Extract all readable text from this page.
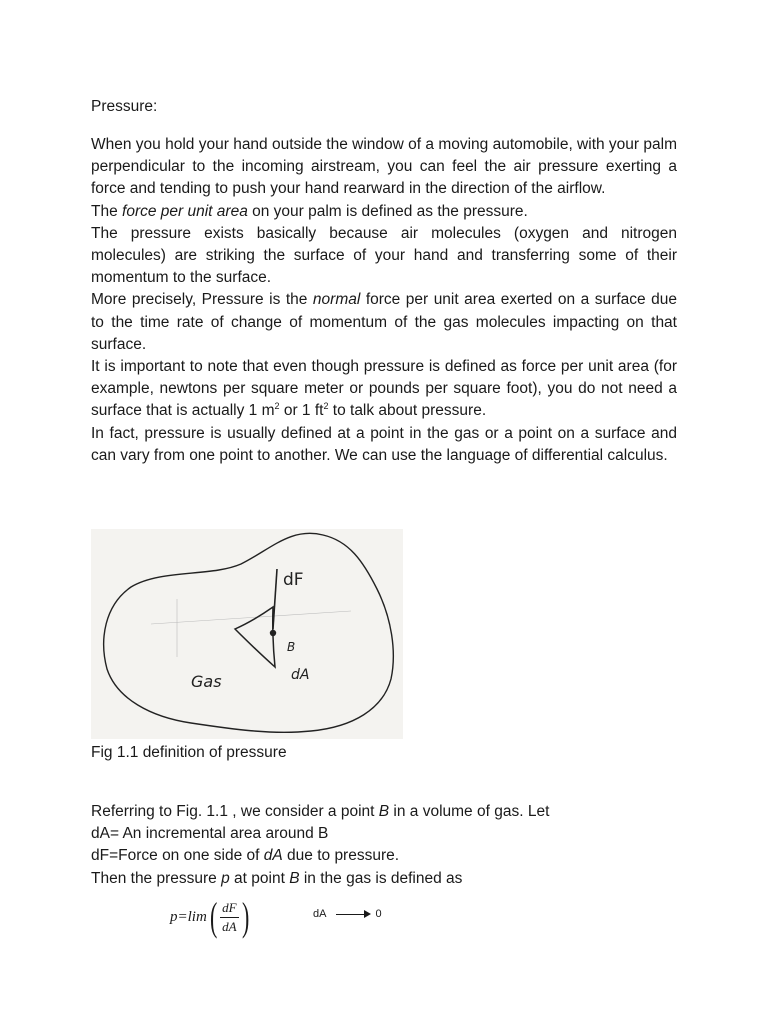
Pressure:

When you hold your hand outside the window of a moving automobile, with your palm perpendicular to the incoming airstream, you can feel the air pressure exerting a force and tending to push your hand rearward in the direction of the airflow.

The force per unit area on your palm is defined as the pressure.

The pressure exists basically because air molecules (oxygen and nitrogen molecules) are striking the surface of your hand and transferring some of their momentum to the surface.

More precisely, Pressure is the normal force per unit area exerted on a surface due to the time rate of change of momentum of the gas molecules impacting on that surface.

It is important to note that even though pressure is defined as force per unit area (for example, newtons per square meter or pounds per square foot), you do not need a surface that is actually 1 $m^2$ or 1 $ft^2$ to talk about pressure.

In fact, pressure is usually defined at a point in the gas or a point on a surface and can vary from one point to another. We can use the language of differential calculus.

dF
B
dA
Gas
Fig 1.1 definition of pressure

Referring to Fig. 1.1 , we consider a point B in a volume of gas. Let

dA= An incremental area around B

dF=Force on one side of dA due to pressure.

Then the pressure p at point B in the gas is defined as

p=lim ( $\frac{dF}{dA}$ )	dA	0
